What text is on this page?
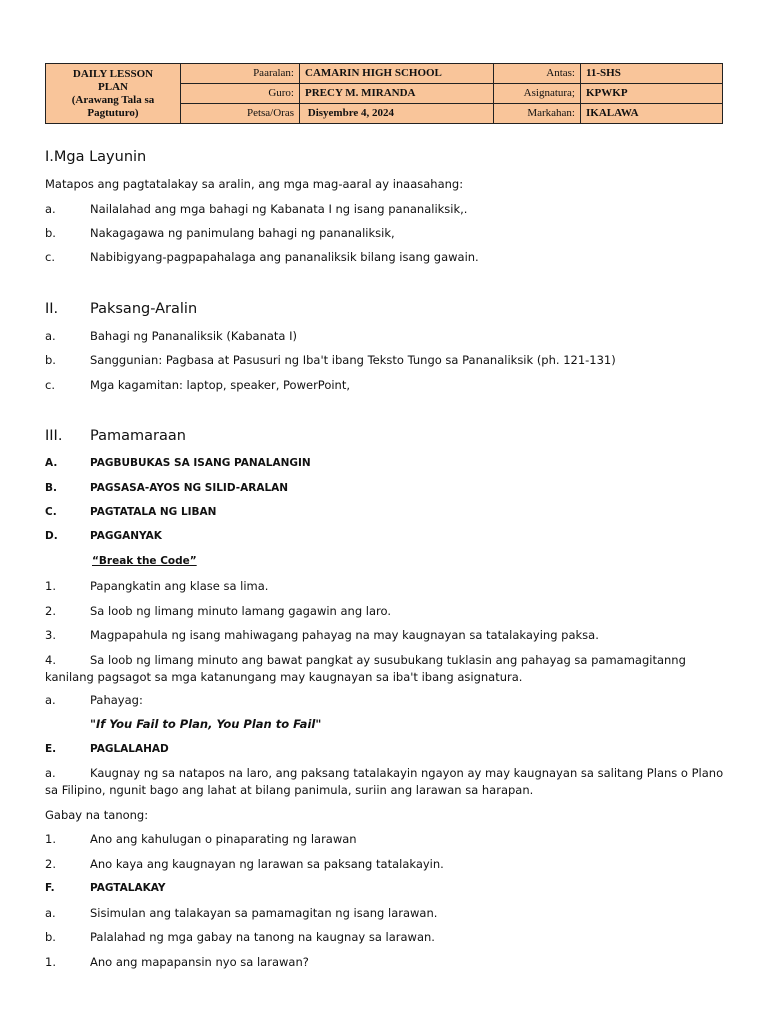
DAILY LESSON
PLAN
(Arawang Tala sa
Pagtuturo)	Paaralan:	CAMARIN HIGH SCHOOL	Antas:	11-SHS
	Guro:	PRECY M. MIRANDA	Asignatura;	KPWKP
	Petsa/Oras	Disyembre 4, 2024	Markahan:	IKALAWA
I.Mga Layunin
Matapos ang pagtatalakay sa aralin, ang mga mag-aaral ay inaasahang:
a.	Nailalahad ang mga bahagi ng Kabanata I ng isang pananaliksik,.
b.	Nakagagawa ng panimulang bahagi ng pananaliksik,
c.	Nabibigyang-pagpapahalaga ang pananaliksik bilang isang gawain.
II. Paksang-Aralin
a.	Bahagi ng Pananaliksik (Kabanata I)
b.	Sanggunian: Pagbasa at Pasusuri ng Iba't ibang Teksto Tungo sa Pananaliksik (ph. 121-131)
c.	Mga kagamitan: laptop, speaker, PowerPoint,
III. Pamamaraan
A.	PAGBUBUKAS SA ISANG PANALANGIN
B.	PAGSASA-AYOS NG SILID-ARALAN
C.	PAGTATALA NG LIBAN
D.	PAGGANYAK
“Break the Code”
1.	Papangkatin ang klase sa lima.
2.	Sa loob ng limang minuto lamang gagawin ang laro.
3.	Magpapahula ng isang mahiwagang pahayag na may kaugnayan sa tatalakaying paksa.
4.	Sa loob ng limang minuto ang bawat pangkat ay susubukang tuklasin ang pahayag sa pamamagitanng kanilang pagsagot sa mga katanungang may kaugnayan sa iba't ibang asignatura.
a.	Pahayag:
"If You Fail to Plan, You Plan to Fail"
E.	PAGLALAHAD
a.	Kaugnay ng sa natapos na laro, ang paksang tatalakayin ngayon ay may kaugnayan sa salitang Plans o Plano sa Filipino, ngunit bago ang lahat at bilang panimula, suriin ang larawan sa harapan.
Gabay na tanong:
1.	Ano ang kahulugan o pinaparating ng larawan
2.	Ano kaya ang kaugnayan ng larawan sa paksang tatalakayin.
F.	PAGTALAKAY
a.	Sisimulan ang talakayan sa pamamagitan ng isang larawan.
b.	Palalahad ng mga gabay na tanong na kaugnay sa larawan.
1.	Ano ang mapapansin nyo sa larawan?
